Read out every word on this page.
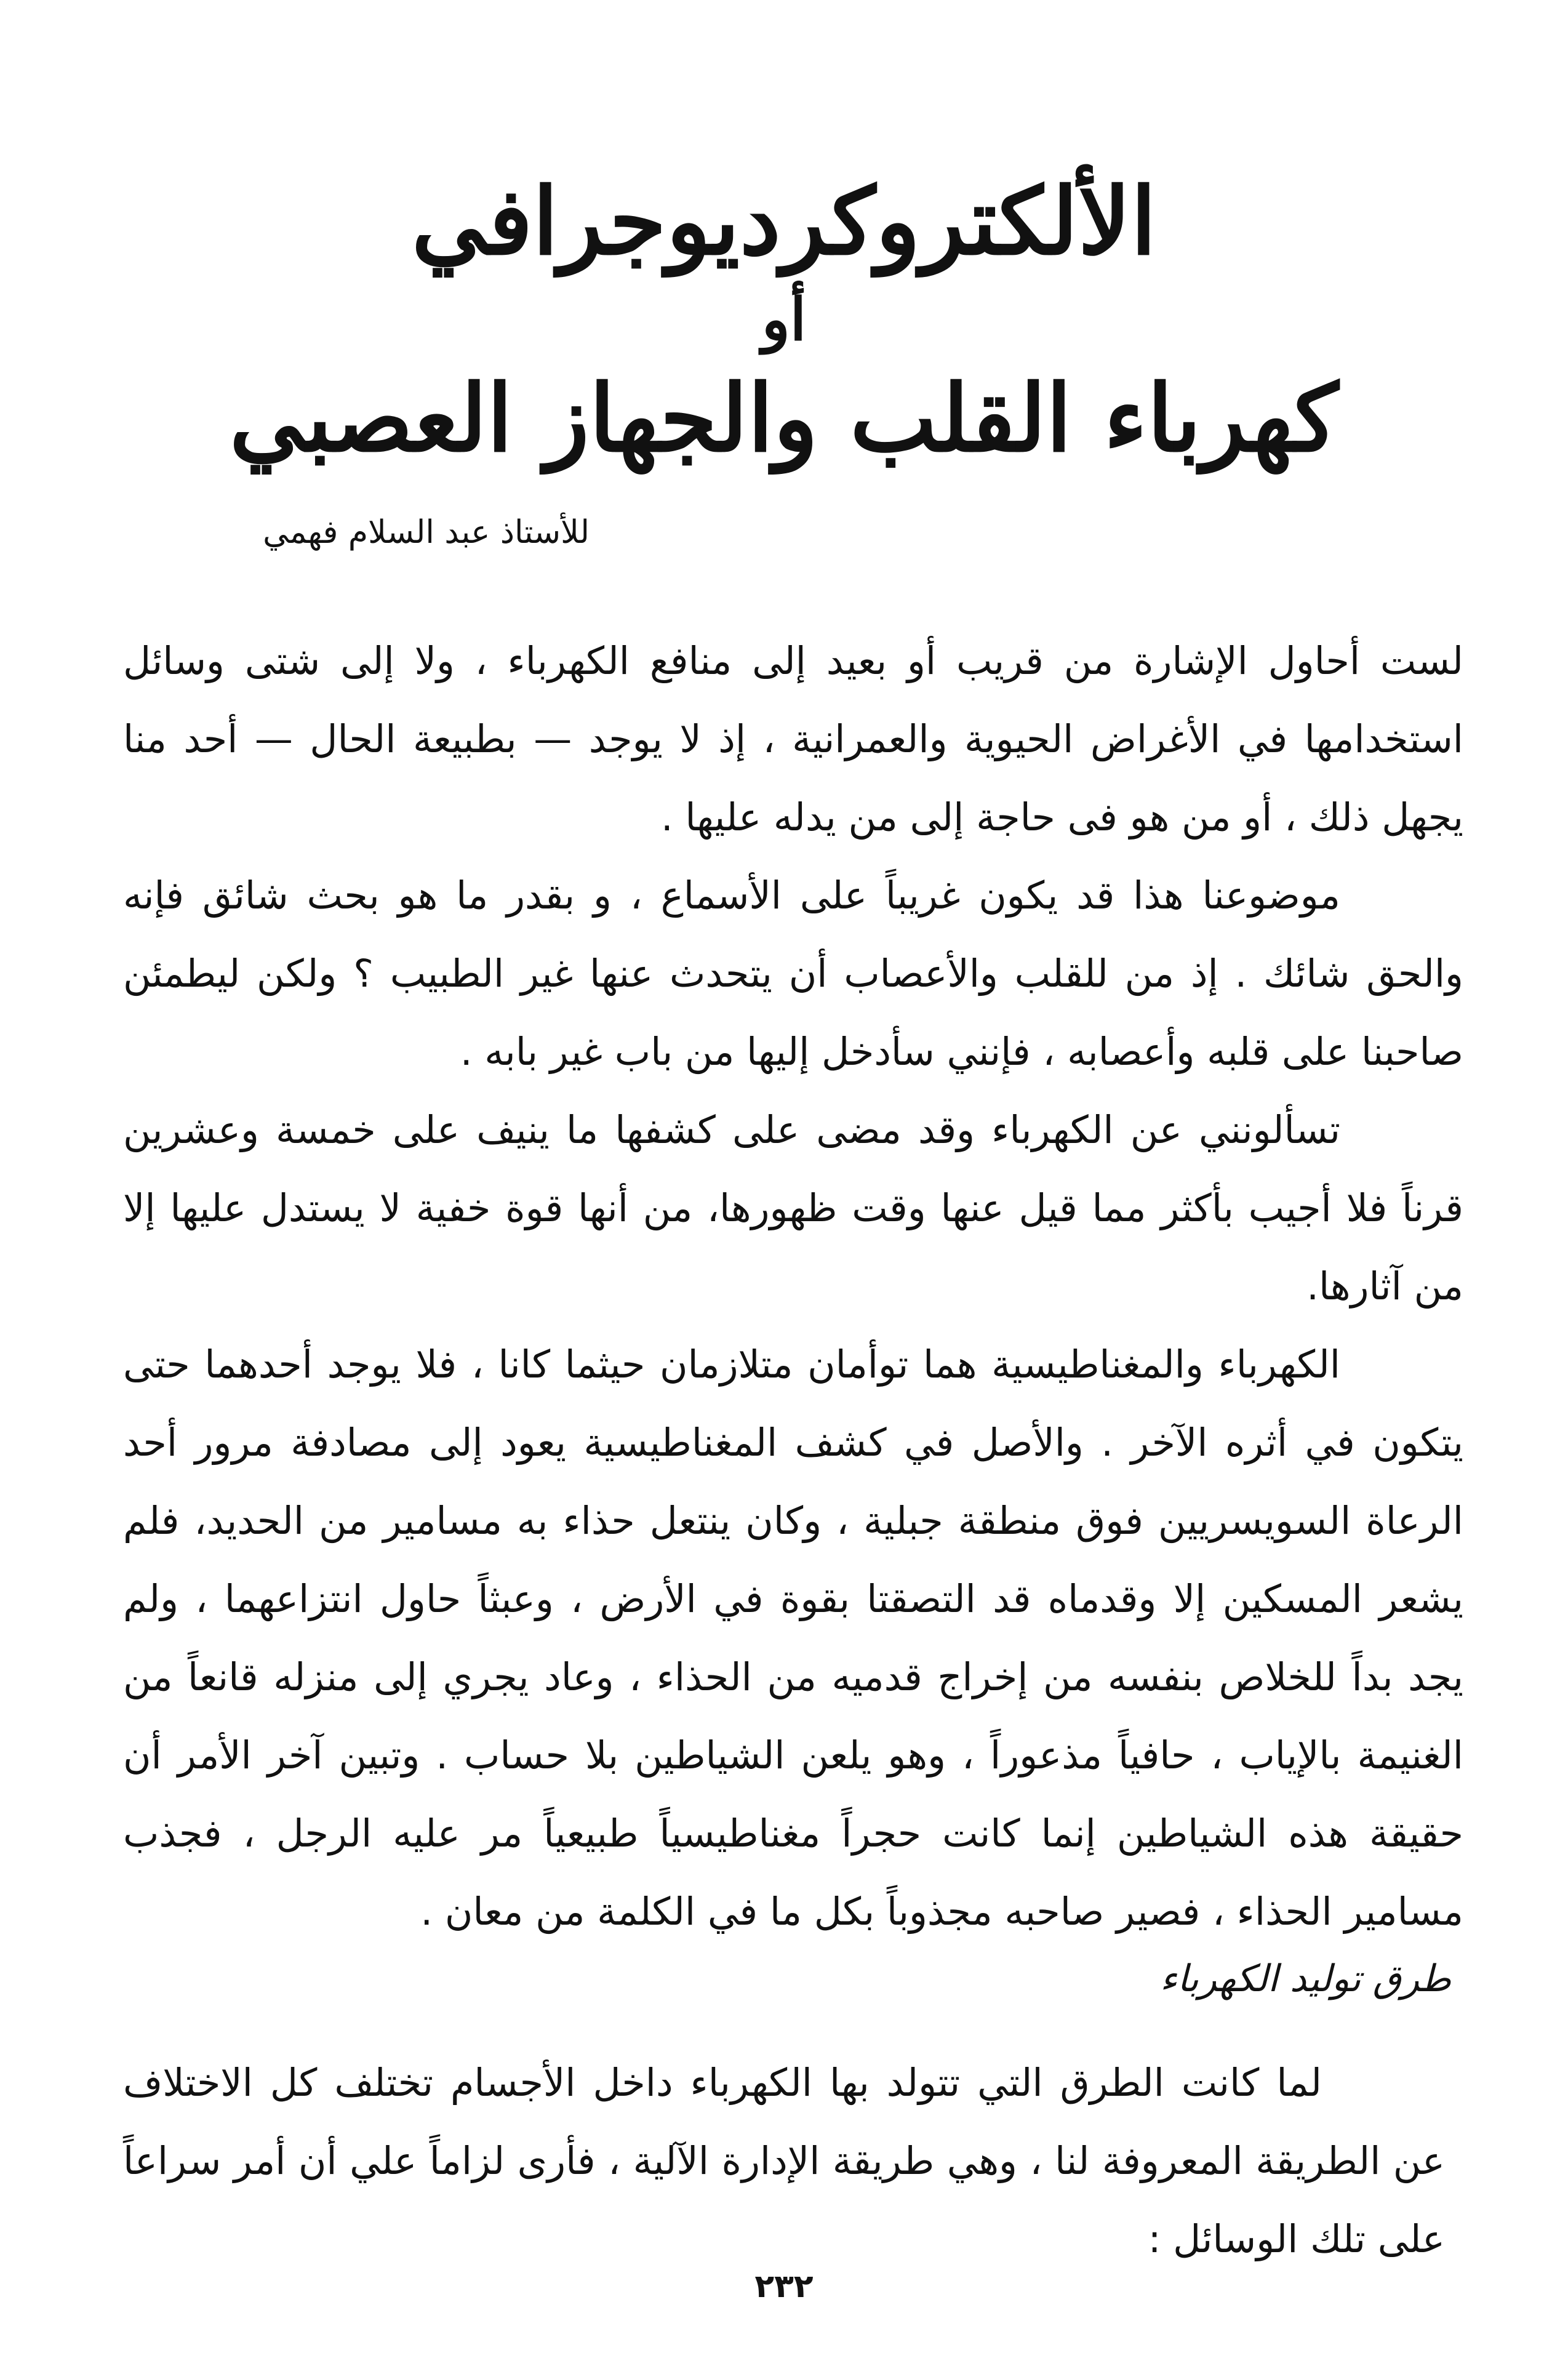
الألكتروكرديوجرافي
أو
كهرباء القلب والجهاز العصبي
للأستاذ عبد السلام فهمي

لست أحاول الإشارة من قريب أو بعيد إلى منافع الكهرباء ، ولا إلى شتى وسائل استخدامها في الأغراض الحيوية والعمرانية ، إذ لا يوجد — بطبيعة الحال — أحد منا يجهل ذلك ، أو من هو فى حاجة إلى من يدله عليها .

موضوعنا هذا قد يكون غريباً على الأسماع ، و بقدر ما هو بحث شائق فإنه والحق شائك . إذ من للقلب والأعصاب أن يتحدث عنها غير الطبيب ؟ ولكن ليطمئن صاحبنا على قلبه وأعصابه ، فإنني سأدخل إليها من باب غير بابه .

تسألونني عن الكهرباء وقد مضى على كشفها ما ينيف على خمسة وعشرين قرناً فلا أجيب بأكثر مما قيل عنها وقت ظهورها، من أنها قوة خفية لا يستدل عليها إلا من آثارها.

الكهرباء والمغناطيسية هما توأمان متلازمان حيثما كانا ، فلا يوجد أحدهما حتى يتكون في أثره الآخر . والأصل في كشف المغناطيسية يعود إلى مصادفة مرور أحد الرعاة السويسريين فوق منطقة جبلية ، وكان ينتعل حذاء به مسامير من الحديد، فلم يشعر المسكين إلا وقدماه قد التصقتا بقوة في الأرض ، وعبثاً حاول انتزاعهما ، ولم يجد بداً للخلاص بنفسه من إخراج قدميه من الحذاء ، وعاد يجري إلى منزله قانعاً من الغنيمة بالإياب ، حافياً مذعوراً ، وهو يلعن الشياطين بلا حساب . وتبين آخر الأمر أن حقيقة هذه الشياطين إنما كانت حجراً مغناطيسياً طبيعياً مر عليه الرجل ، فجذب مسامير الحذاء ، فصير صاحبه مجذوباً بكل ما في الكلمة من معان .

طرق توليد الكهرباء

لما كانت الطرق التي تتولد بها الكهرباء داخل الأجسام تختلف كل الاختلاف عن الطريقة المعروفة لنا ، وهي طريقة الإدارة الآلية ، فأرى لزاماً علي أن أمر سراعاً على تلك الوسائل :

٢٣٢
